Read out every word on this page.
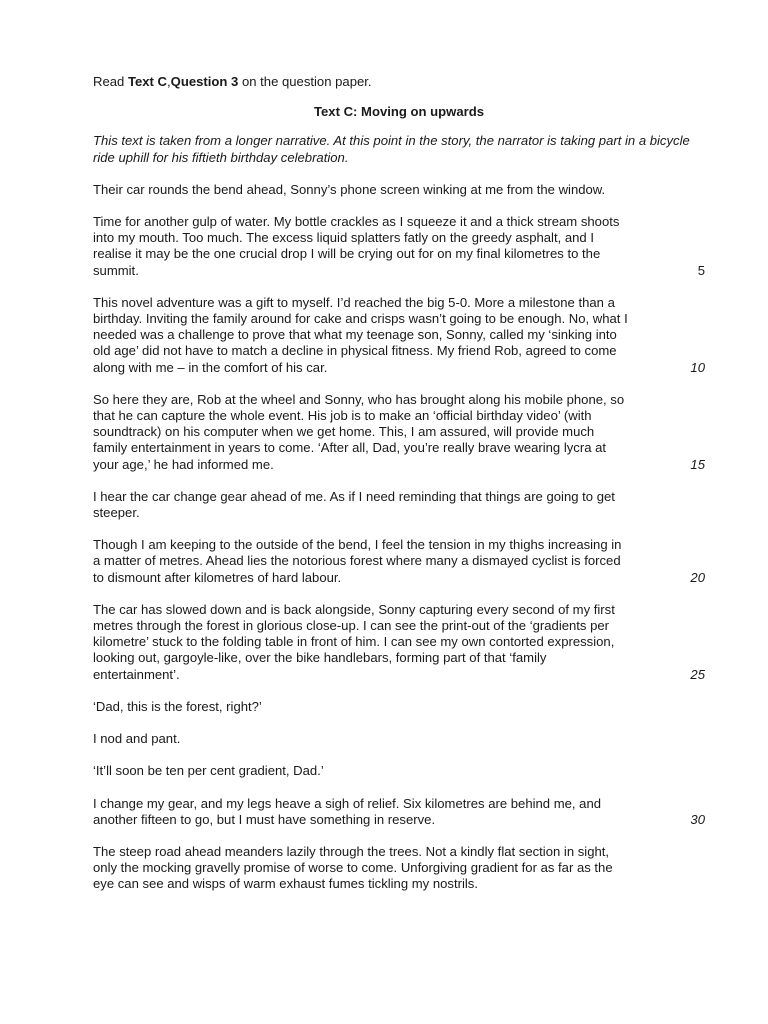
Read Text C,Question 3 on the question paper.

Text C: Moving on upwards

This text is taken from a longer narrative. At this point in the story, the narrator is taking part in a bicycle ride uphill for his fiftieth birthday celebration.

Their car rounds the bend ahead, Sonny’s phone screen winking at me from the window.

Time for another gulp of water. My bottle crackles as I squeeze it and a thick stream shoots into my mouth. Too much. The excess liquid splatters fatly on the greedy asphalt, and I realise it may be the one crucial drop I will be crying out for on my final kilometres to the summit.	5

This novel adventure was a gift to myself. I’d reached the big 5-0. More a milestone than a birthday. Inviting the family around for cake and crisps wasn’t going to be enough. No, what I needed was a challenge to prove that what my teenage son, Sonny, called my ‘sinking into old age’ did not have to match a decline in physical fitness. My friend Rob, agreed to come along with me – in the comfort of his car.	10

So here they are, Rob at the wheel and Sonny, who has brought along his mobile phone, so that he can capture the whole event. His job is to make an ‘official birthday video’ (with soundtrack) on his computer when we get home. This, I am assured, will provide much family entertainment in years to come. ‘After all, Dad, you’re really brave wearing lycra at your age,’ he had informed me.	15

I hear the car change gear ahead of me. As if I need reminding that things are going to get steeper.

Though I am keeping to the outside of the bend, I feel the tension in my thighs increasing in a matter of metres. Ahead lies the notorious forest where many a dismayed cyclist is forced to dismount after kilometres of hard labour.	20

The car has slowed down and is back alongside, Sonny capturing every second of my first metres through the forest in glorious close-up. I can see the print-out of the ‘gradients per kilometre’ stuck to the folding table in front of him. I can see my own contorted expression, looking out, gargoyle-like, over the bike handlebars, forming part of that ‘family entertainment’.	25

‘Dad, this is the forest, right?’

I nod and pant.

‘It’ll soon be ten per cent gradient, Dad.’

I change my gear, and my legs heave a sigh of relief. Six kilometres are behind me, and another fifteen to go, but I must have something in reserve.	30

The steep road ahead meanders lazily through the trees. Not a kindly flat section in sight, only the mocking gravelly promise of worse to come. Unforgiving gradient for as far as the eye can see and wisps of warm exhaust fumes tickling my nostrils.
